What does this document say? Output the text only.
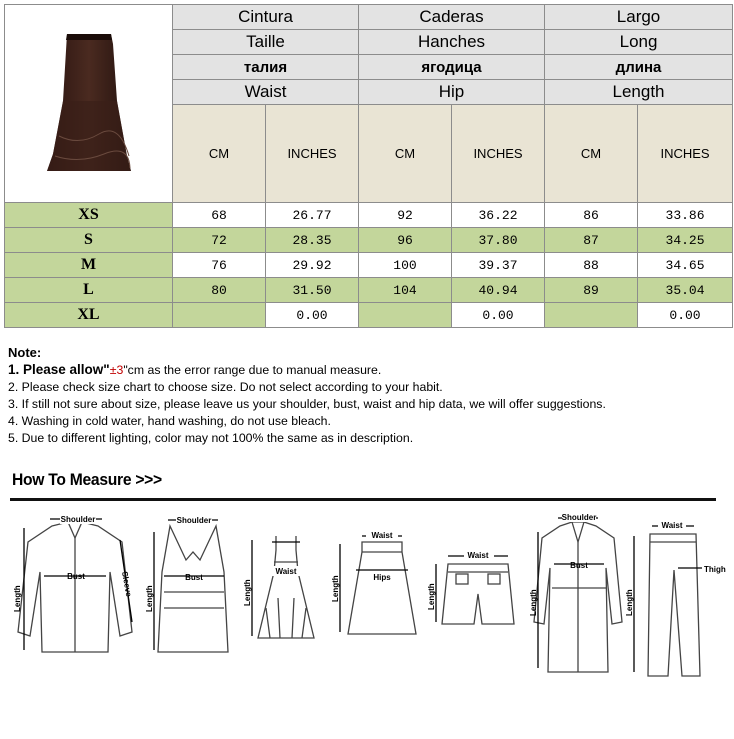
	Cintura		Caderas		Largo	
	Taille		Hanches		Long	
	талия		ягодица		длина	
	Waist		Hip		Length	
	CM	INCHES	CM	INCHES	CM	INCHES
XS	68	26.77	92	36.22	86	33.86
S	72	28.35	96	37.80	87	34.25
M	76	29.92	100	39.37	88	34.65
L	80	31.50	104	40.94	89	35.04
XL		0.00		0.00		0.00
Note:
1. Please allow"±3"cm as the error range due to manual measure.
2. Please check size chart to choose size. Do not select according to your habit.
3. If still not sure about size, please leave us your shoulder, bust, waist and hip data, we will offer suggestions.
4. Washing in cold water, hand washing, do not use bleach.
5. Due to different lighting, color may not 100% the same as in description.
How To Measure >>>
Shoulder
Bust
Length
Sleeve
Shoulder
Bust
Length
Waist
Length
Waist
Hips
Length
Waist
Length
Shoulder
Bust
Length
Waist
Thigh
Length
